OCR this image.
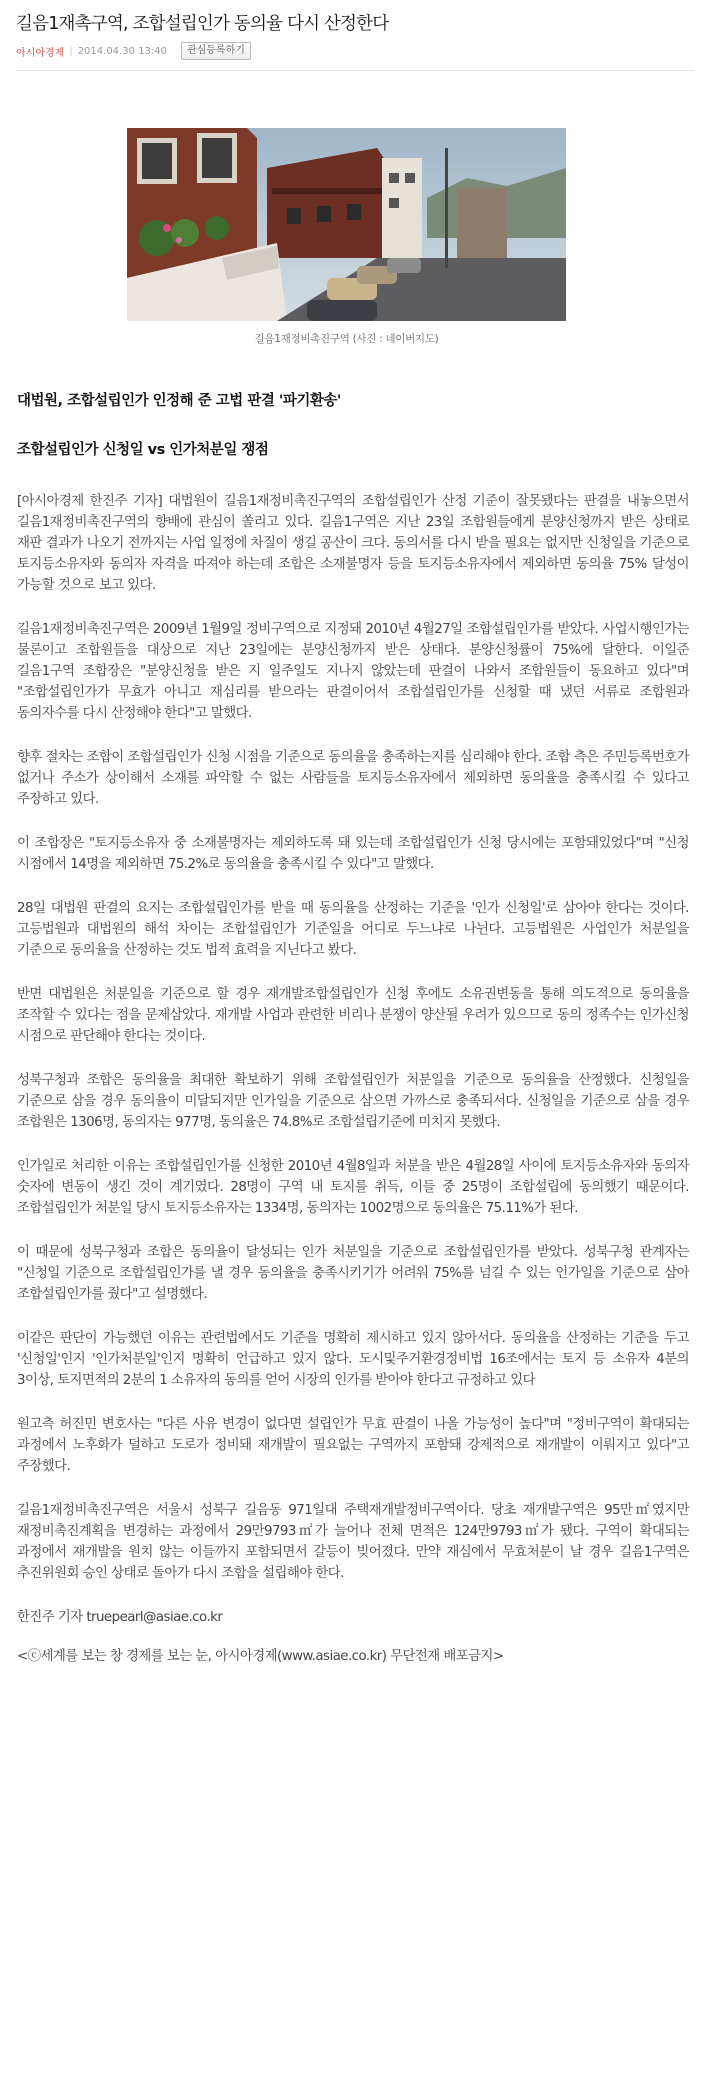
길음1재촉구역, 조합설립인가 동의율 다시 산정한다
아시아경제 | 2014.04.30 13:40	관심등록하기
길음1재정비촉진구역 (사진 : 네이버지도)
대법원, 조합설립인가 인정해 준 고법 판결 '파기환송'
조합설립인가 신청일 vs 인가처분일 쟁점

[아시아경제 한진주 기자] 대법원이 길음1재정비촉진구역의 조합설립인가 산정 기준이 잘못됐다는 판결을 내놓으면서 길음1재정비촉진구역의 향배에 관심이 쏠리고 있다. 길음1구역은 지난 23일 조합원들에게 분양신청까지 받은 상태로 재판 결과가 나오기 전까지는 사업 일정에 차질이 생길 공산이 크다. 동의서를 다시 받을 필요는 없지만 신청일을 기준으로 토지등소유자와 동의자 자격을 따져야 하는데 조합은 소재불명자 등을 토지등소유자에서 제외하면 동의율 75% 달성이 가능할 것으로 보고 있다.

길음1재정비촉진구역은 2009년 1월9일 정비구역으로 지정돼 2010년 4월27일 조합설립인가를 받았다. 사업시행인가는 물론이고 조합원들을 대상으로 지난 23일에는 분양신청까지 받은 상태다. 분양신청률이 75%에 달한다. 이일준 길음1구역 조합장은 "분양신청을 받은 지 일주일도 지나지 않았는데 판결이 나와서 조합원들이 동요하고 있다"며 "조합설립인가가 무효가 아니고 재심리를 받으라는 판결이어서 조합설립인가를 신청할 때 냈던 서류로 조합원과 동의자수를 다시 산정해야 한다"고 말했다.

향후 절차는 조합이 조합설립인가 신청 시점을 기준으로 동의율을 충족하는지를 심리해야 한다. 조합 측은 주민등록번호가 없거나 주소가 상이해서 소재를 파악할 수 없는 사람들을 토지등소유자에서 제외하면 동의율을 충족시킬 수 있다고 주장하고 있다.

이 조합장은 "토지등소유자 중 소재불명자는 제외하도록 돼 있는데 조합설립인가 신청 당시에는 포함돼있었다"며 "신청 시점에서 14명을 제외하면 75.2%로 동의율을 충족시킬 수 있다"고 말했다.

28일 대법원 판결의 요지는 조합설립인가를 받을 때 동의율을 산정하는 기준을 '인가 신청일'로 삼아야 한다는 것이다. 고등법원과 대법원의 해석 차이는 조합설립인가 기준일을 어디로 두느냐로 나뉜다. 고등법원은 사업인가 처분일을 기준으로 동의율을 산정하는 것도 법적 효력을 지닌다고 봤다.

반면 대법원은 처분일을 기준으로 할 경우 재개발조합설립인가 신청 후에도 소유권변동을 통해 의도적으로 동의율을 조작할 수 있다는 점을 문제삼았다. 재개발 사업과 관련한 비리나 분쟁이 양산될 우려가 있으므로 동의 정족수는 인가신청 시점으로 판단해야 한다는 것이다.

성북구청과 조합은 동의율을 최대한 확보하기 위해 조합설립인가 처분일을 기준으로 동의율을 산정했다. 신청일을 기준으로 삼을 경우 동의율이 미달되지만 인가일을 기준으로 삼으면 가까스로 충족되서다. 신청일을 기준으로 삼을 경우 조합원은 1306명, 동의자는 977명, 동의율은 74.8%로 조합설립기준에 미치지 못했다.

인가일로 처리한 이유는 조합설립인가를 신청한 2010년 4월8일과 처분을 받은 4월28일 사이에 토지등소유자와 동의자 숫자에 변동이 생긴 것이 계기였다. 28명이 구역 내 토지를 취득, 이들 중 25명이 조합설립에 동의했기 때문이다. 조합설립인가 처분일 당시 토지등소유자는 1334명, 동의자는 1002명으로 동의율은 75.11%가 된다.

이 때문에 성북구청과 조합은 동의율이 달성되는 인가 처분일을 기준으로 조합설립인가를 받았다. 성북구청 관계자는 "신청일 기준으로 조합설립인가를 낼 경우 동의율을 충족시키기가 어려워 75%를 넘길 수 있는 인가일을 기준으로 삼아 조합설립인가를 줬다"고 설명했다.

이같은 판단이 가능했던 이유는 관련법에서도 기준을 명확히 제시하고 있지 않아서다. 동의율을 산정하는 기준을 두고 '신청일'인지 '인가처분일'인지 명확히 언급하고 있지 않다. 도시및주거환경정비법 16조에서는 토지 등 소유자 4분의 3이상, 토지면적의 2분의 1 소유자의 동의를 얻어 시장의 인가를 받아야 한다고 규정하고 있다

원고측 허진민 변호사는 "다른 사유 변경이 없다면 설립인가 무효 판결이 나올 가능성이 높다"며 "정비구역이 확대되는 과정에서 노후화가 덜하고 도로가 정비돼 재개발이 필요없는 구역까지 포함돼 강제적으로 재개발이 이뤄지고 있다"고 주장했다.

길음1재정비촉진구역은 서울시 성북구 길음동 971일대 주택재개발정비구역이다. 당초 재개발구역은 95만㎡였지만 재정비촉진계획을 변경하는 과정에서 29만9793㎡가 늘어나 전체 면적은 124만9793㎡가 됐다. 구역이 확대되는 과정에서 재개발을 원치 않는 이들까지 포함되면서 갈등이 빚어졌다. 만약 재심에서 무효처분이 날 경우 길음1구역은 추진위원회 승인 상태로 돌아가 다시 조합을 설립해야 한다.

한진주 기자 truepearl@asiae.co.kr

<ⓒ세계를 보는 창 경제를 보는 눈, 아시아경제(www.asiae.co.kr) 무단전재 배포금지>
